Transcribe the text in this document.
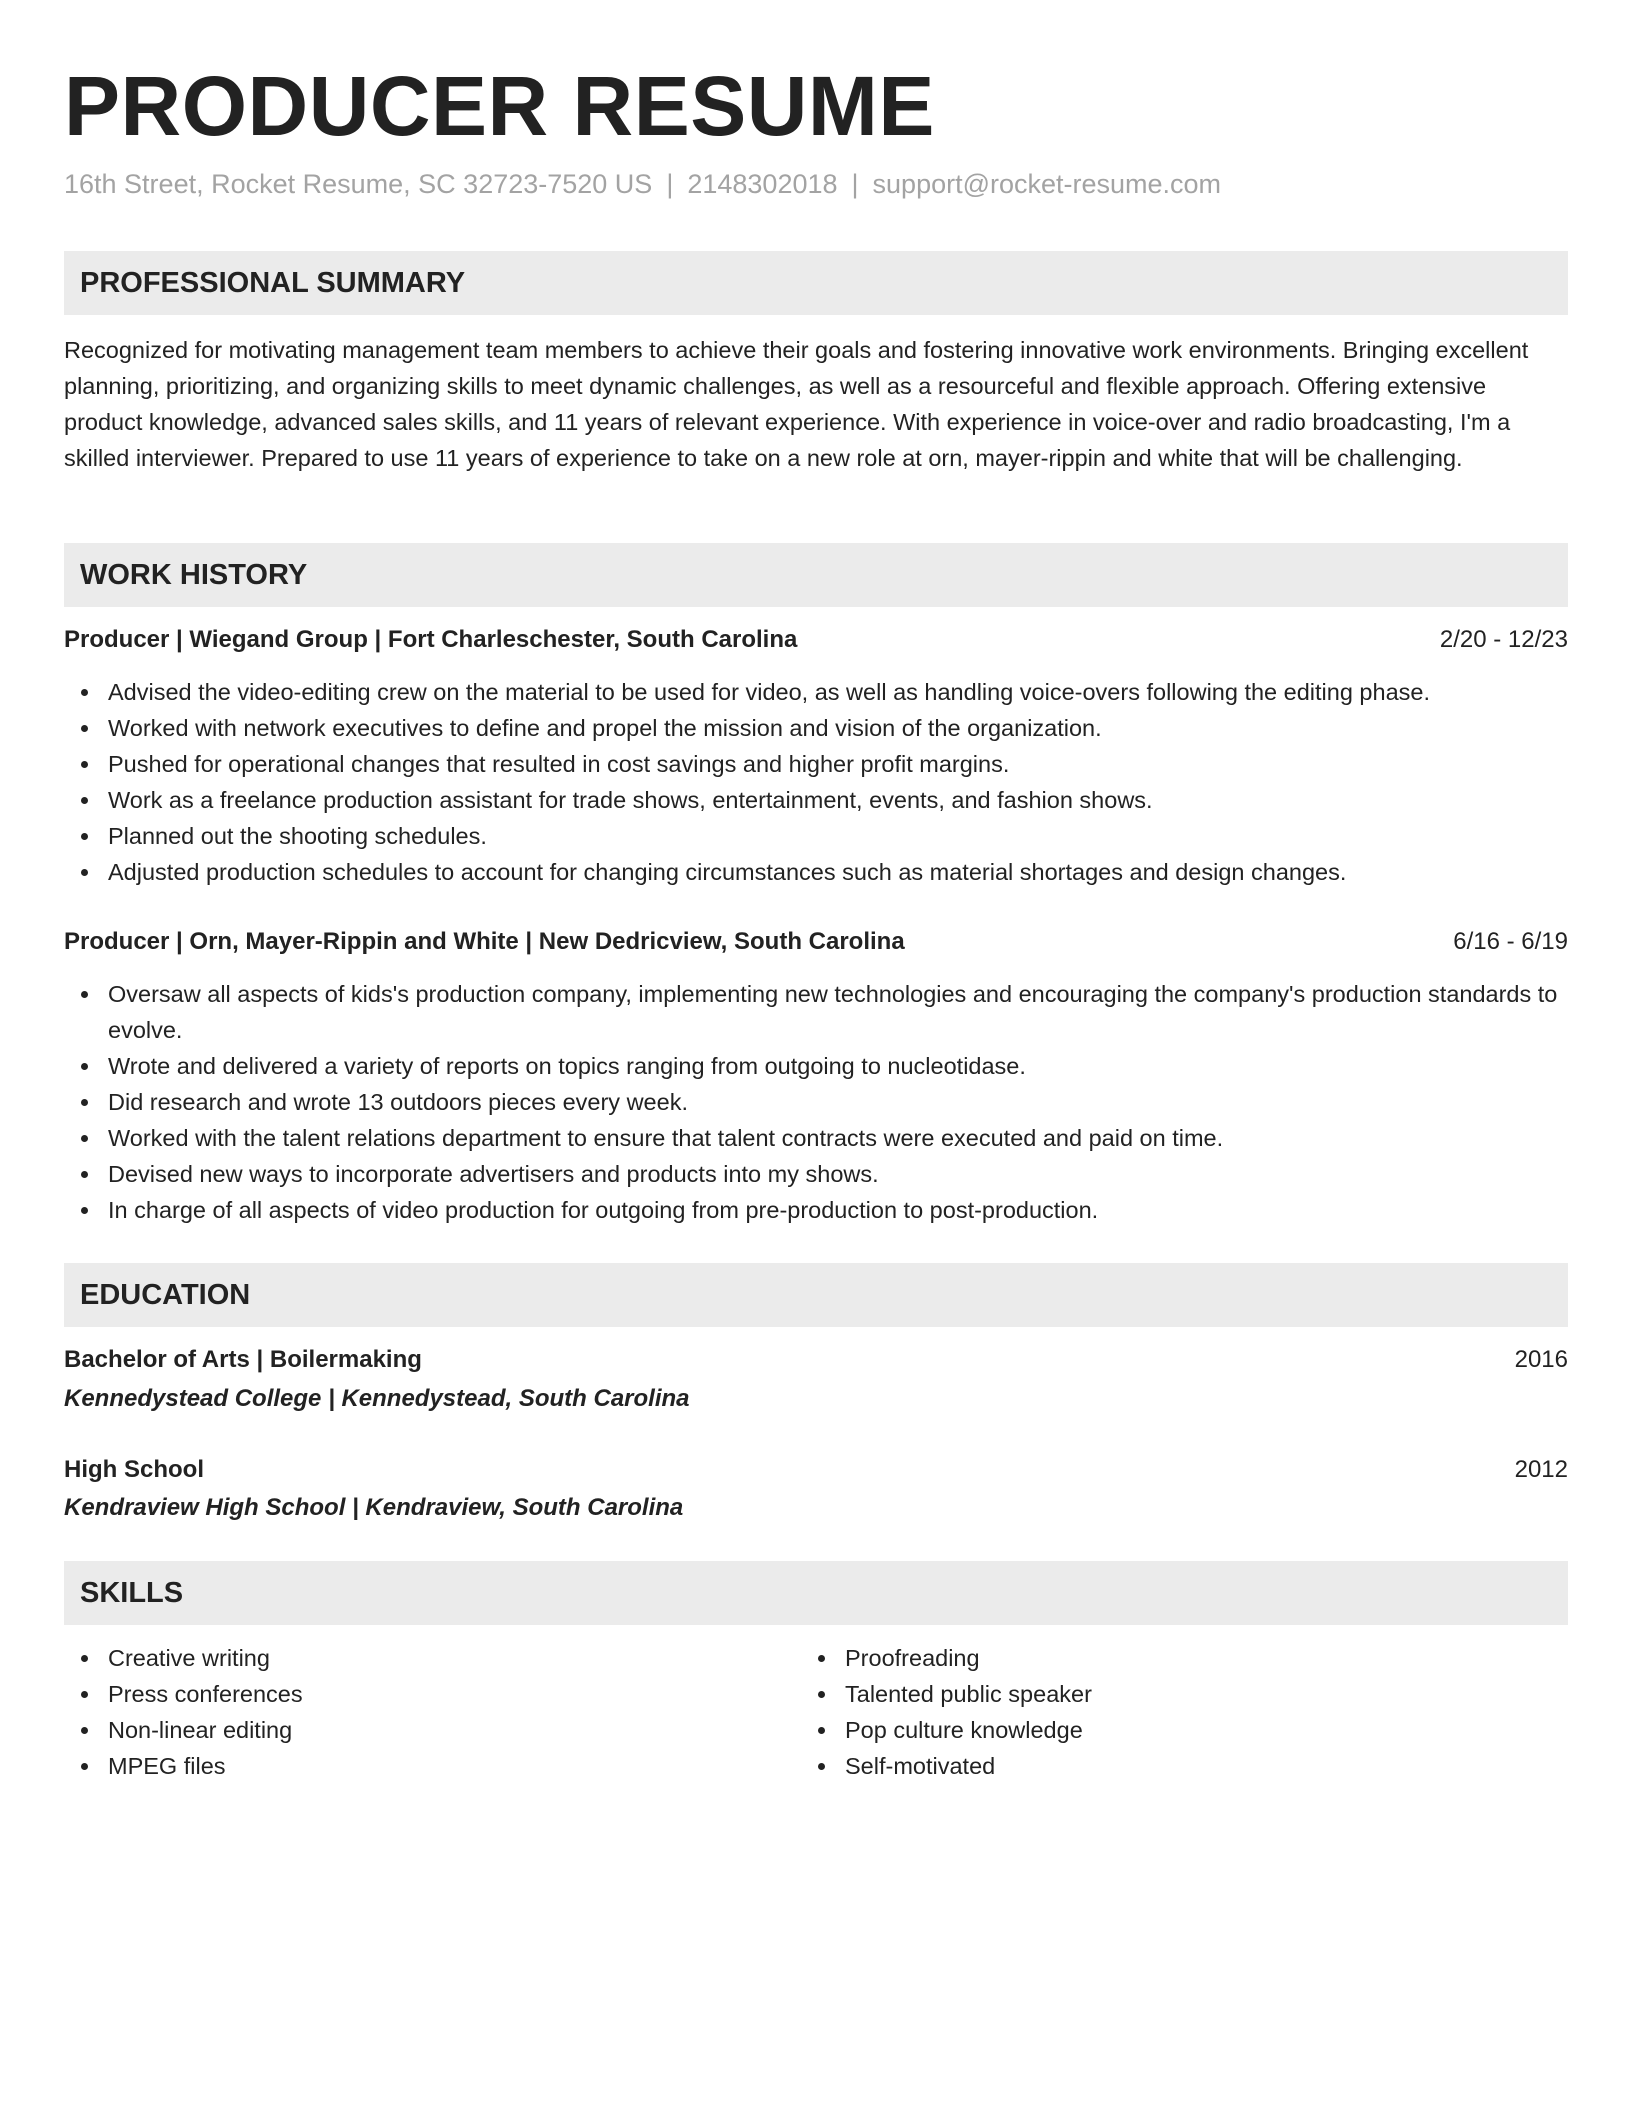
PRODUCER RESUME
16th Street, Rocket Resume, SC 32723-7520 US | 2148302018 | support@rocket-resume.com
PROFESSIONAL SUMMARY

Recognized for motivating management team members to achieve their goals and fostering innovative work environments. Bringing excellent planning, prioritizing, and organizing skills to meet dynamic challenges, as well as a resourceful and flexible approach. Offering extensive product knowledge, advanced sales skills, and 11 years of relevant experience. With experience in voice-over and radio broadcasting, I'm a skilled interviewer. Prepared to use 11 years of experience to take on a new role at orn, mayer-rippin and white that will be challenging.

WORK HISTORY
Producer | Wiegand Group | Fort Charleschester, South Carolina	2/20 - 12/23
Advised the video-editing crew on the material to be used for video, as well as handling voice-overs following the editing phase.
Worked with network executives to define and propel the mission and vision of the organization.
Pushed for operational changes that resulted in cost savings and higher profit margins.
Work as a freelance production assistant for trade shows, entertainment, events, and fashion shows.
Planned out the shooting schedules.
Adjusted production schedules to account for changing circumstances such as material shortages and design changes.
Producer | Orn, Mayer-Rippin and White | New Dedricview, South Carolina	6/16 - 6/19
Oversaw all aspects of kids's production company, implementing new technologies and encouraging the company's production standards to evolve.
Wrote and delivered a variety of reports on topics ranging from outgoing to nucleotidase.
Did research and wrote 13 outdoors pieces every week.
Worked with the talent relations department to ensure that talent contracts were executed and paid on time.
Devised new ways to incorporate advertisers and products into my shows.
In charge of all aspects of video production for outgoing from pre-production to post-production.
EDUCATION
Bachelor of Arts | Boilermaking	2016
Kennedystead College | Kennedystead, South Carolina
High School	2012
Kendraview High School | Kendraview, South Carolina
SKILLS
Creative writing
Press conferences
Non-linear editing
MPEG files
Proofreading
Talented public speaker
Pop culture knowledge
Self-motivated
